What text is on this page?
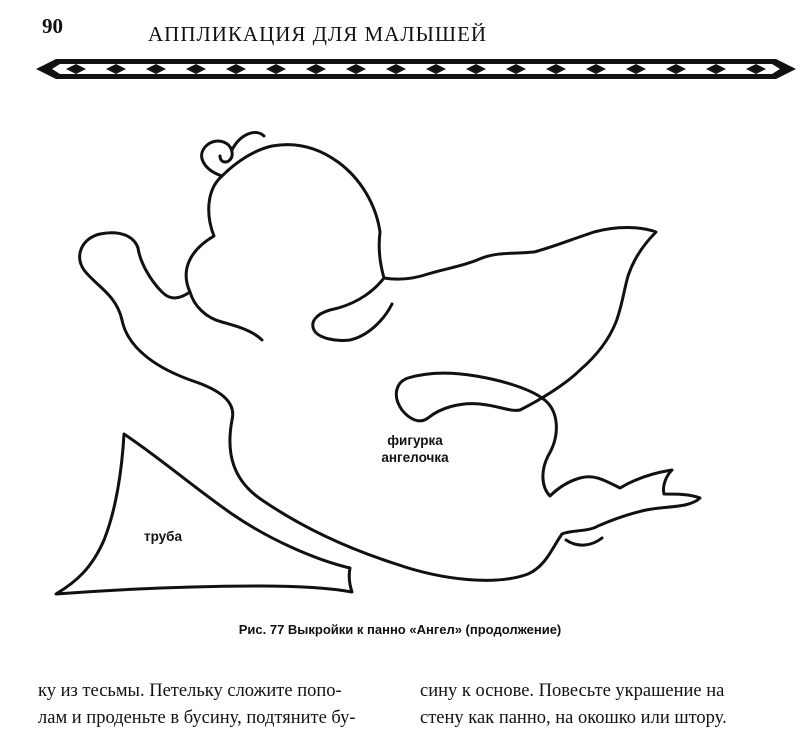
90	АППЛИКАЦИЯ ДЛЯ МАЛЫШЕЙ
фигурка
ангелочка
труба
Рис. 77 Выкройки к панно «Ангел» (продолжение)
ку из тесьмы. Петельку сложите попо-
лам и проденьте в бусину, подтяните бу-
сину к основе. Повесьте украшение на
стену как панно, на окошко или штору.
